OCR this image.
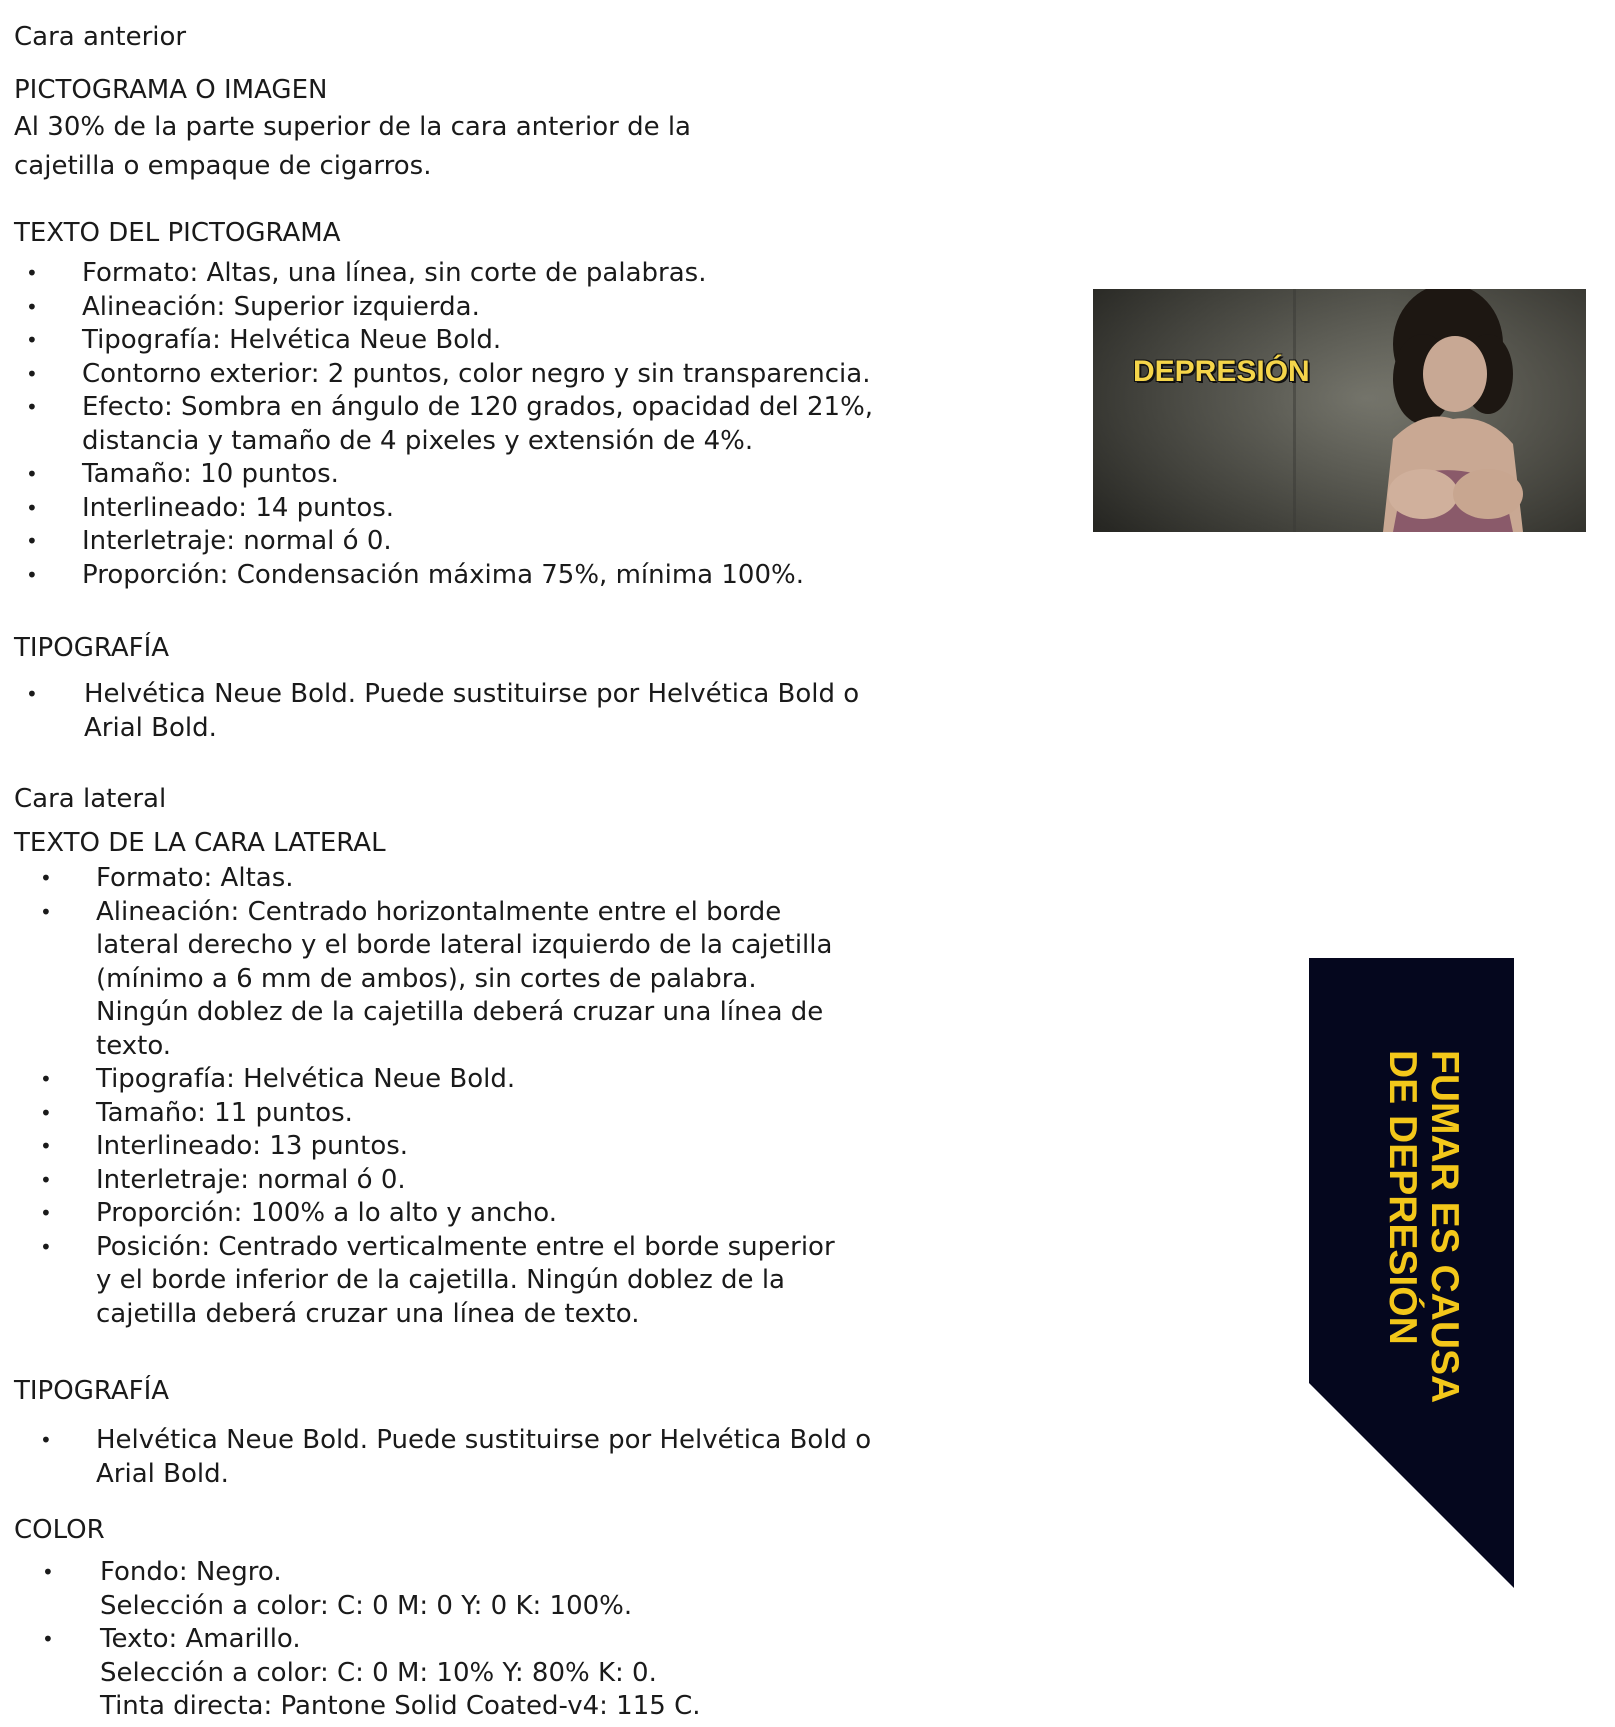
Cara anterior
PICTOGRAMA O IMAGEN
Al 30% de la parte superior de la cara anterior de la
cajetilla o empaque de cigarros.
TEXTO DEL PICTOGRAMA
• Formato: Altas, una línea, sin corte de palabras.
• Alineación: Superior izquierda.
• Tipografía: Helvética Neue Bold.
• Contorno exterior: 2 puntos, color negro y sin transparencia.
• Efecto: Sombra en ángulo de 120 grados, opacidad del 21%,
distancia y tamaño de 4 pixeles y extensión de 4%.
• Tamaño: 10 puntos.
• Interlineado: 14 puntos.
• Interletraje: normal ó 0.
• Proporción: Condensación máxima 75%, mínima 100%.
TIPOGRAFÍA
• Helvética Neue Bold. Puede sustituirse por Helvética Bold o
Arial Bold.
DEPRESIÓN
Cara lateral
TEXTO DE LA CARA LATERAL
• Formato: Altas.
• Alineación: Centrado horizontalmente entre el borde
lateral derecho y el borde lateral izquierdo de la cajetilla
(mínimo a 6 mm de ambos), sin cortes de palabra.
Ningún doblez de la cajetilla deberá cruzar una línea de
texto.
• Tipografía: Helvética Neue Bold.
• Tamaño: 11 puntos.
• Interlineado: 13 puntos.
• Interletraje: normal ó 0.
• Proporción: 100% a lo alto y ancho.
• Posición: Centrado verticalmente entre el borde superior
y el borde inferior de la cajetilla. Ningún doblez de la
cajetilla deberá cruzar una línea de texto.
TIPOGRAFÍA
• Helvética Neue Bold. Puede sustituirse por Helvética Bold o
Arial Bold.
COLOR
• Fondo: Negro.
Selección a color: C: 0 M: 0 Y: 0 K: 100%.
• Texto: Amarillo.
Selección a color: C: 0 M: 10% Y: 80% K: 0.
Tinta directa: Pantone Solid Coated-v4: 115 C.
FUMAR ES CAUSA
DE DEPRESIÓN
